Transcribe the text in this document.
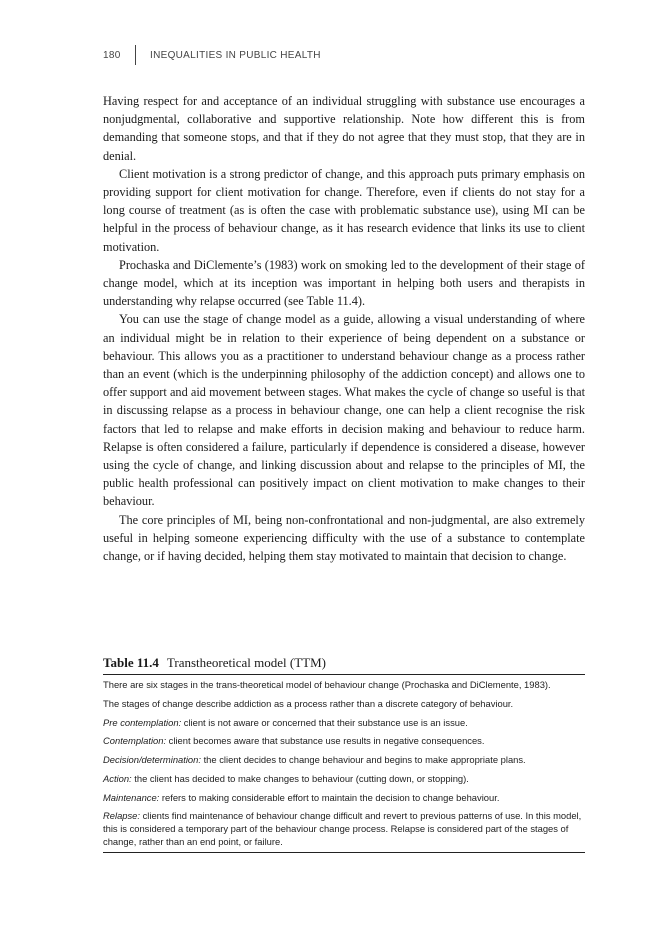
180	INEQUALITIES IN PUBLIC HEALTH

Having respect for and acceptance of an individual struggling with substance use encourages a nonjudgmental, collaborative and supportive relationship. Note how different this is from demanding that someone stops, and that if they do not agree that they must stop, that they are in denial.

Client motivation is a strong predictor of change, and this approach puts primary emphasis on providing support for client motivation for change. Therefore, even if clients do not stay for a long course of treatment (as is often the case with problematic substance use), using MI can be helpful in the process of behaviour change, as it has research evidence that links its use to client motivation.

Prochaska and DiClemente’s (1983) work on smoking led to the development of their stage of change model, which at its inception was important in helping both users and therapists in understanding why relapse occurred (see Table 11.4).

You can use the stage of change model as a guide, allowing a visual understanding of where an individual might be in relation to their experience of being dependent on a substance or behaviour. This allows you as a practitioner to understand behaviour change as a process rather than an event (which is the underpinning philosophy of the addiction concept) and allows one to offer support and aid movement between stages. What makes the cycle of change so useful is that in discussing relapse as a process in behaviour change, one can help a client recognise the risk factors that led to relapse and make efforts in decision making and behaviour to reduce harm. Relapse is often considered a failure, particularly if dependence is considered a disease, however using the cycle of change, and linking discussion about and relapse to the principles of MI, the public health professional can positively impact on client motivation to make changes to their behaviour.

The core principles of MI, being non-confrontational and non-judgmental, are also extremely useful in helping someone experiencing difficulty with the use of a substance to contemplate change, or if having decided, helping them stay motivated to maintain that decision to change.

Table 11.4 Transtheoretical model (TTM)

There are six stages in the trans-theoretical model of behaviour change (Prochaska and DiClemente, 1983).

The stages of change describe addiction as a process rather than a discrete category of behaviour.

Pre contemplation: client is not aware or concerned that their substance use is an issue.

Contemplation: client becomes aware that substance use results in negative consequences.

Decision/determination: the client decides to change behaviour and begins to make appropriate plans.

Action: the client has decided to make changes to behaviour (cutting down, or stopping).

Maintenance: refers to making considerable effort to maintain the decision to change behaviour.

Relapse: clients find maintenance of behaviour change difficult and revert to previous patterns of use. In this model, this is considered a temporary part of the behaviour change process. Relapse is considered part of the stages of change, rather than an end point, or failure.
